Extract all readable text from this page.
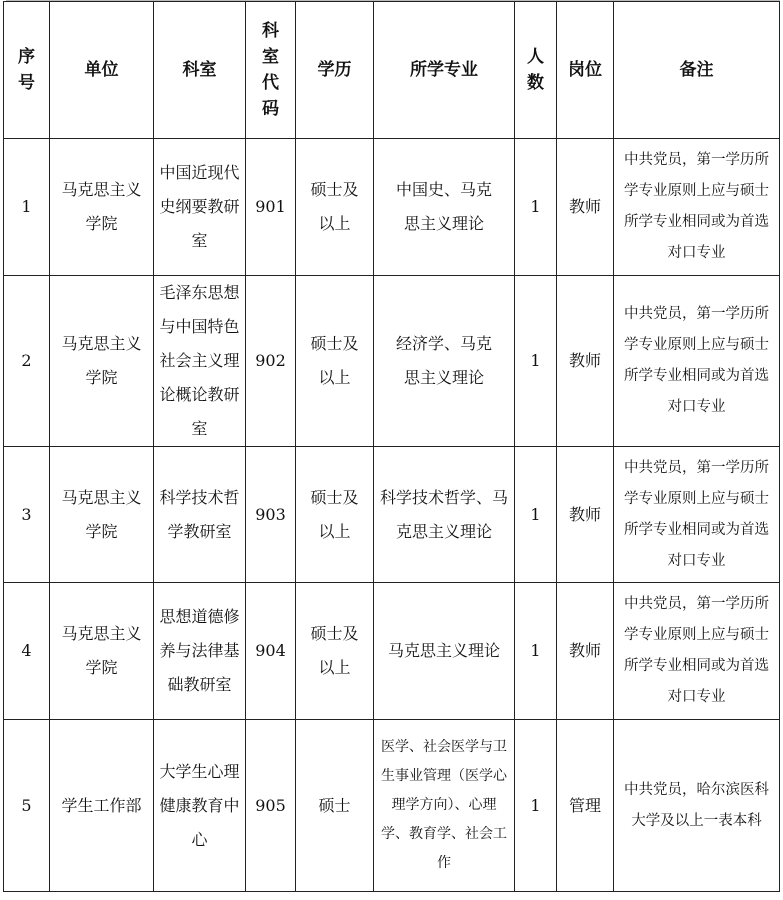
序号	单位	科室	科室代码	学历	所学专业	人数	岗位	备注
1	马克思主义学院	中国近现代史纲要教研室	901	硕士及以上	中国史、马克思主义理论	1	教师	中共党员，第一学历所学专业原则上应与硕士所学专业相同或为首选对口专业
2	马克思主义学院	毛泽东思想与中国特色社会主义理论概论教研室	902	硕士及以上	经济学、马克思主义理论	1	教师	中共党员，第一学历所学专业原则上应与硕士所学专业相同或为首选对口专业
3	马克思主义学院	科学技术哲学教研室	903	硕士及以上	科学技术哲学、马克思主义理论	1	教师	中共党员，第一学历所学专业原则上应与硕士所学专业相同或为首选对口专业
4	马克思主义学院	思想道德修养与法律基础教研室	904	硕士及以上	马克思主义理论	1	教师	中共党员，第一学历所学专业原则上应与硕士所学专业相同或为首选对口专业
5	学生工作部	大学生心理健康教育中心	905	硕士	医学、社会医学与卫生事业管理（医学心理学方向）、心理学、教育学、社会工作	1	管理	中共党员，哈尔滨医科大学及以上一表本科
